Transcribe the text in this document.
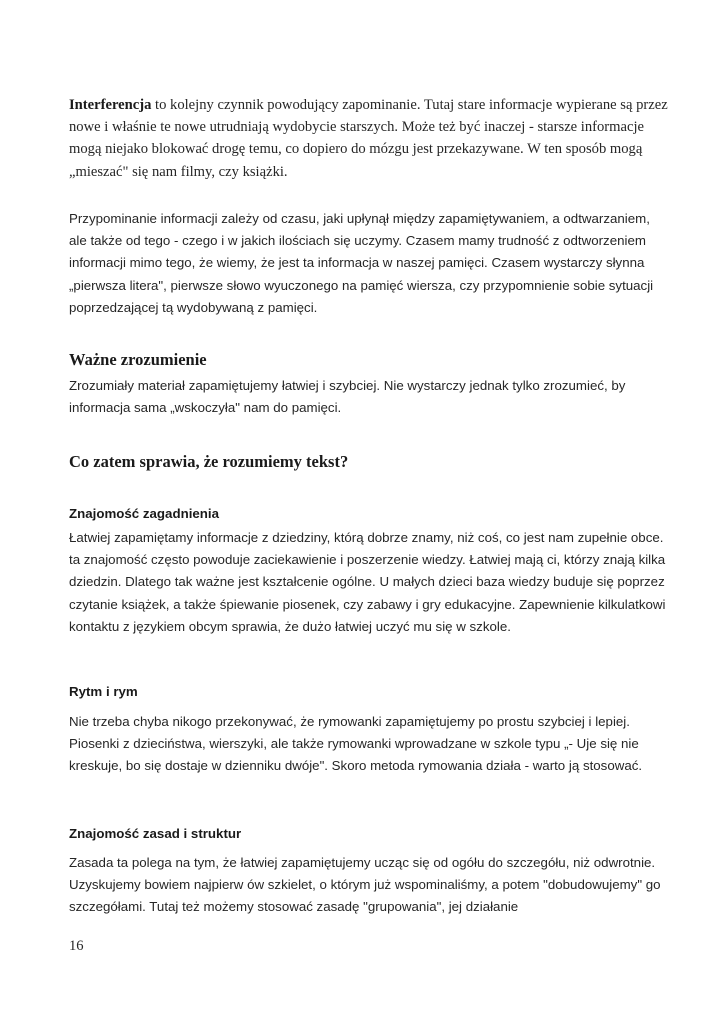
Interferencja to kolejny czynnik powodujący zapominanie. Tutaj stare informacje wypierane są przez nowe i właśnie te nowe utrudniają wydobycie starszych. Może też być inaczej - starsze informacje mogą niejako blokować drogę temu, co dopiero do mózgu jest przekazywane. W ten sposób mogą „mieszać" się nam filmy, czy książki.

Przypominanie informacji zależy od czasu, jaki upłynął między zapamiętywaniem, a odtwarzaniem, ale także od tego - czego i w jakich ilościach się uczymy. Czasem mamy trudność z odtworzeniem informacji mimo tego, że wiemy, że jest ta informacja w naszej pamięci. Czasem wystarczy słynna „pierwsza litera", pierwsze słowo wyuczonego na pamięć wiersza, czy przypomnienie sobie sytuacji poprzedzającej tą wydobywaną z pamięci.

Ważne zrozumienie

Zrozumiały materiał zapamiętujemy łatwiej i szybciej. Nie wystarczy jednak tylko zrozumieć, by informacja sama „wskoczyła" nam do pamięci.

Co zatem sprawia, że rozumiemy tekst?
Znajomość zagadnienia

Łatwiej zapamiętamy informacje z dziedziny, którą dobrze znamy, niż coś, co jest nam zupełnie obce. ta znajomość często powoduje zaciekawienie i poszerzenie wiedzy. Łatwiej mają ci, którzy znają kilka dziedzin. Dlatego tak ważne jest kształcenie ogólne. U małych dzieci baza wiedzy buduje się poprzez czytanie książek, a także śpiewanie piosenek, czy zabawy i gry edukacyjne. Zapewnienie kilkulatkowi kontaktu z językiem obcym sprawia, że dużo łatwiej uczyć mu się w szkole.

Rytm i rym

Nie trzeba chyba nikogo przekonywać, że rymowanki zapamiętujemy po prostu szybciej i lepiej. Piosenki z dzieciństwa, wierszyki, ale także rymowanki wprowadzane w szkole typu „- Uje się nie kreskuje, bo się dostaje w dzienniku dwóje". Skoro metoda rymowania działa - warto ją stosować.

Znajomość zasad i struktur

Zasada ta polega na tym, że łatwiej zapamiętujemy ucząc się od ogółu do szczegółu, niż odwrotnie. Uzyskujemy bowiem najpierw ów szkielet, o którym już wspominaliśmy, a potem "dobudowujemy" go szczegółami. Tutaj też możemy stosować zasadę "grupowania", jej działanie

16
